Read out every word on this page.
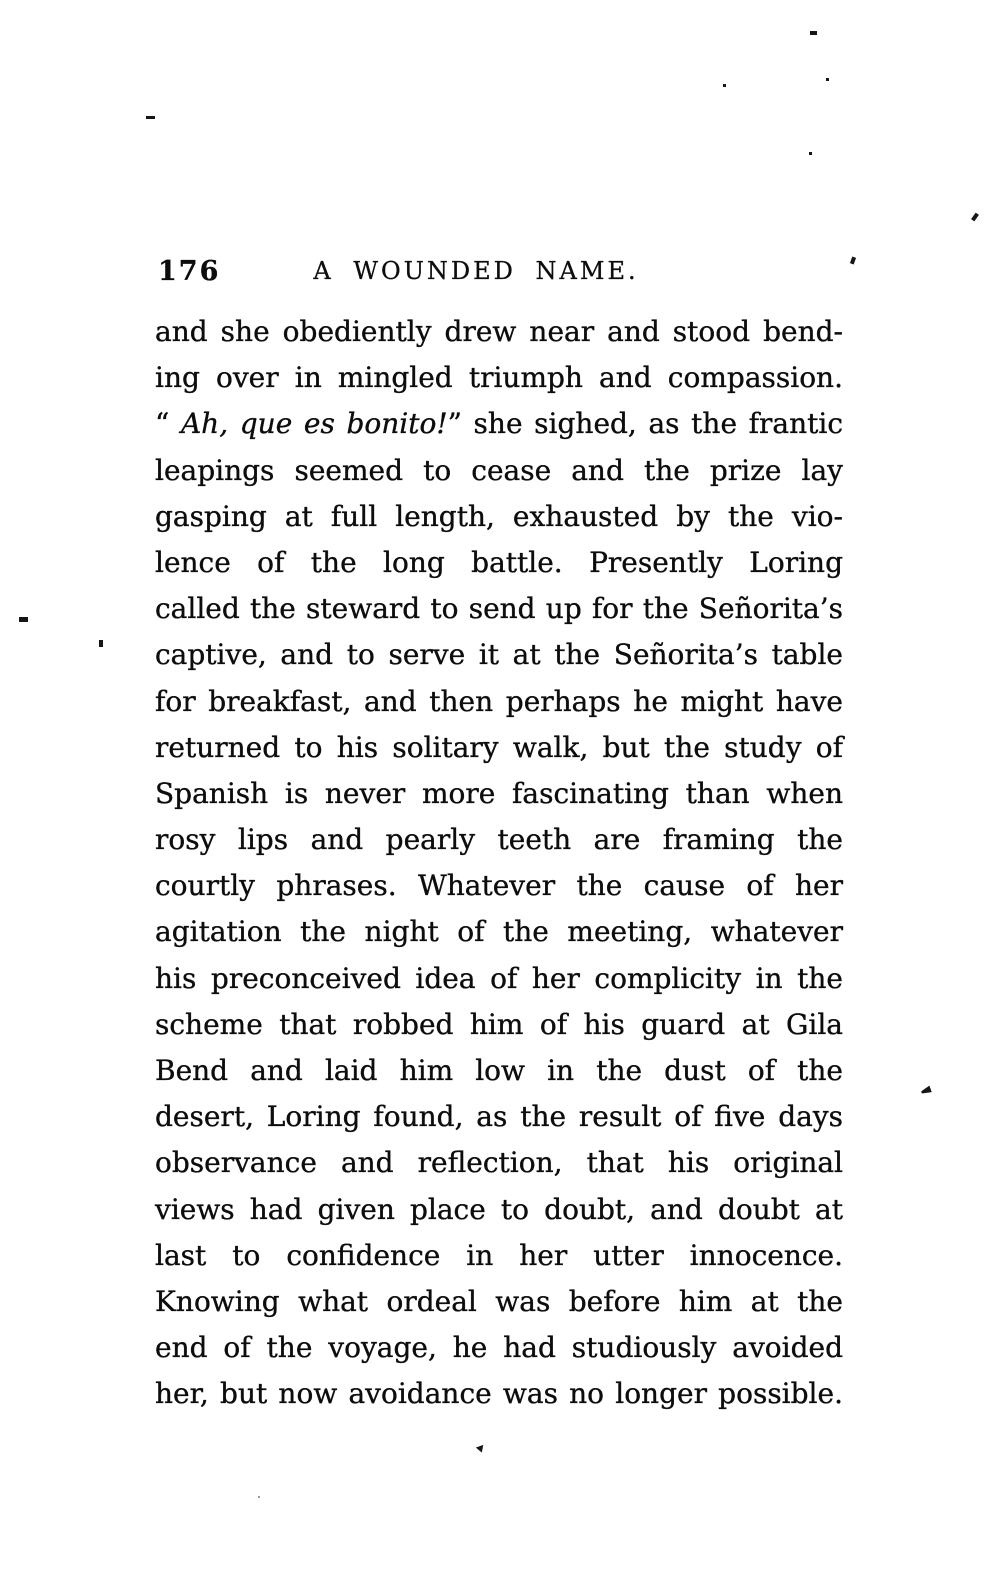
176	A WOUNDED NAME.
and she obediently drew near and stood bend-
ing over in mingled triumph and compassion.
“ Ah, que es bonito!” she sighed, as the frantic
leapings seemed to cease and the prize lay
gasping at full length, exhausted by the vio-
lence of the long battle. Presently Loring
called the steward to send up for the Señorita’s
captive, and to serve it at the Señorita’s table
for breakfast, and then perhaps he might have
returned to his solitary walk, but the study of
Spanish is never more fascinating than when
rosy lips and pearly teeth are framing the
courtly phrases. Whatever the cause of her
agitation the night of the meeting, whatever
his preconceived idea of her complicity in the
scheme that robbed him of his guard at Gila
Bend and laid him low in the dust of the
desert, Loring found, as the result of five days
observance and reflection, that his original
views had given place to doubt, and doubt at
last to confidence in her utter innocence.
Knowing what ordeal was before him at the
end of the voyage, he had studiously avoided
her, but now avoidance was no longer possible.
